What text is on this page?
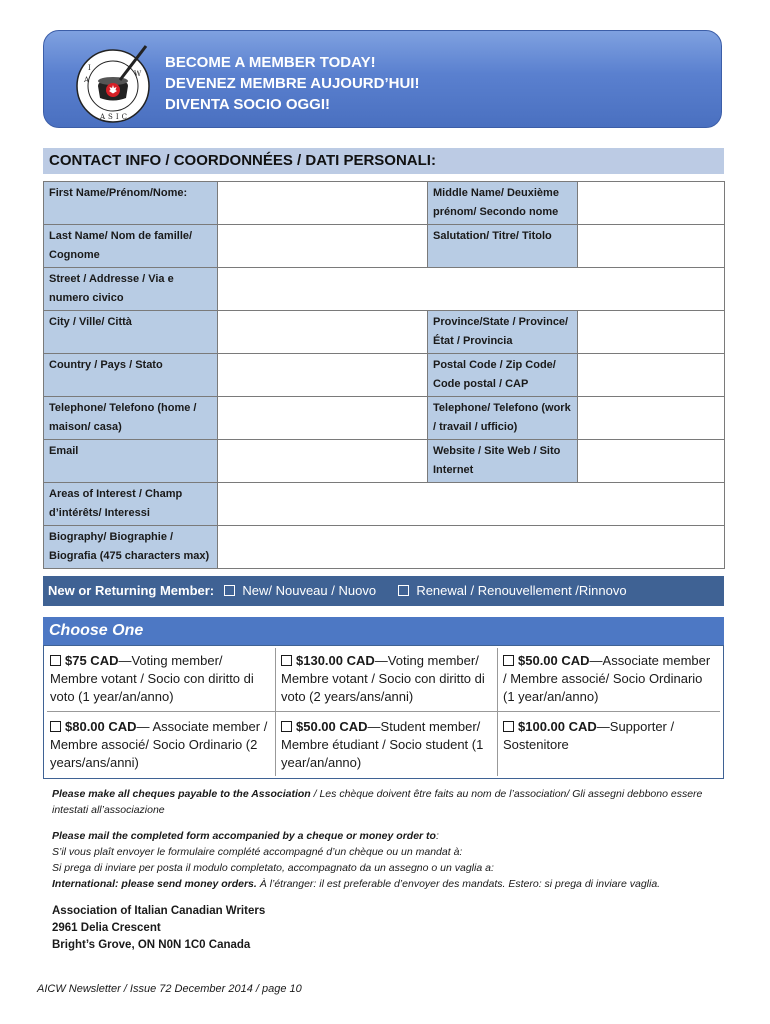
A
I
W
ASIC
BECOME A MEMBER TODAY!
DEVENEZ MEMBRE AUJOURD’HUI!
DIVENTA SOCIO OGGI!
CONTACT INFO / COORDONNÉES / DATI PERSONALI:
First Name/Prénom/Nome:		Middle Name/ Deuxième prénom/ Secondo nome	
Last Name/ Nom de famille/ Cognome		Salutation/ Titre/ Titolo	
Street / Addresse / Via e numero civico			
City / Ville/ Città		Province/State / Province/ État / Provincia	
Country / Pays / Stato		Postal Code / Zip Code/ Code postal / CAP	
Telephone/ Telefono (home / maison/ casa)		Telephone/ Telefono (work / travail / ufficio)	
Email		Website / Site Web / Sito Internet	
Areas of Interest / Champ d’intérêts/ Interessi			
Biography/ Biographie / Biografia (475 characters max)			
New or Returning Member: New/ Nouveau / Nuovo	Renewal / Renouvellement /Rinnovo
Choose One
$75 CAD—Voting member/ Membre votant / Socio con diritto di voto (1 year/an/anno)
$130.00 CAD—Voting member/ Membre votant / Socio con diritto di voto (2 years/ans/anni)
$50.00 CAD—Associate member / Membre associé/ Socio Ordinario (1 year/an/anno)
$80.00 CAD— Associate member / Membre associé/ Socio Ordinario (2 years/ans/anni)
$50.00 CAD—Student member/ Membre étudiant / Socio student (1 year/an/anno)
$100.00 CAD—Supporter / Sostenitore

Please make all cheques payable to the Association / Les chèque doivent être faits au nom de l’association/ Gli assegni debbono essere intestati all’associazione

Please mail the completed form accompanied by a cheque or money order to:
S’il vous plaît envoyer le formulaire complété accompagné d’un chèque ou un mandat à:
Si prega di inviare per posta il modulo completato, accompagnato da un assegno o un vaglia a:
International: please send money orders. À l’étranger: il est preferable d’envoyer des mandats. Estero: si prega di inviare vaglia.

Association of Italian Canadian Writers
2961 Delia Crescent
Bright’s Grove, ON N0N 1C0 Canada
AICW Newsletter / Issue 72 December 2014 / page 10
